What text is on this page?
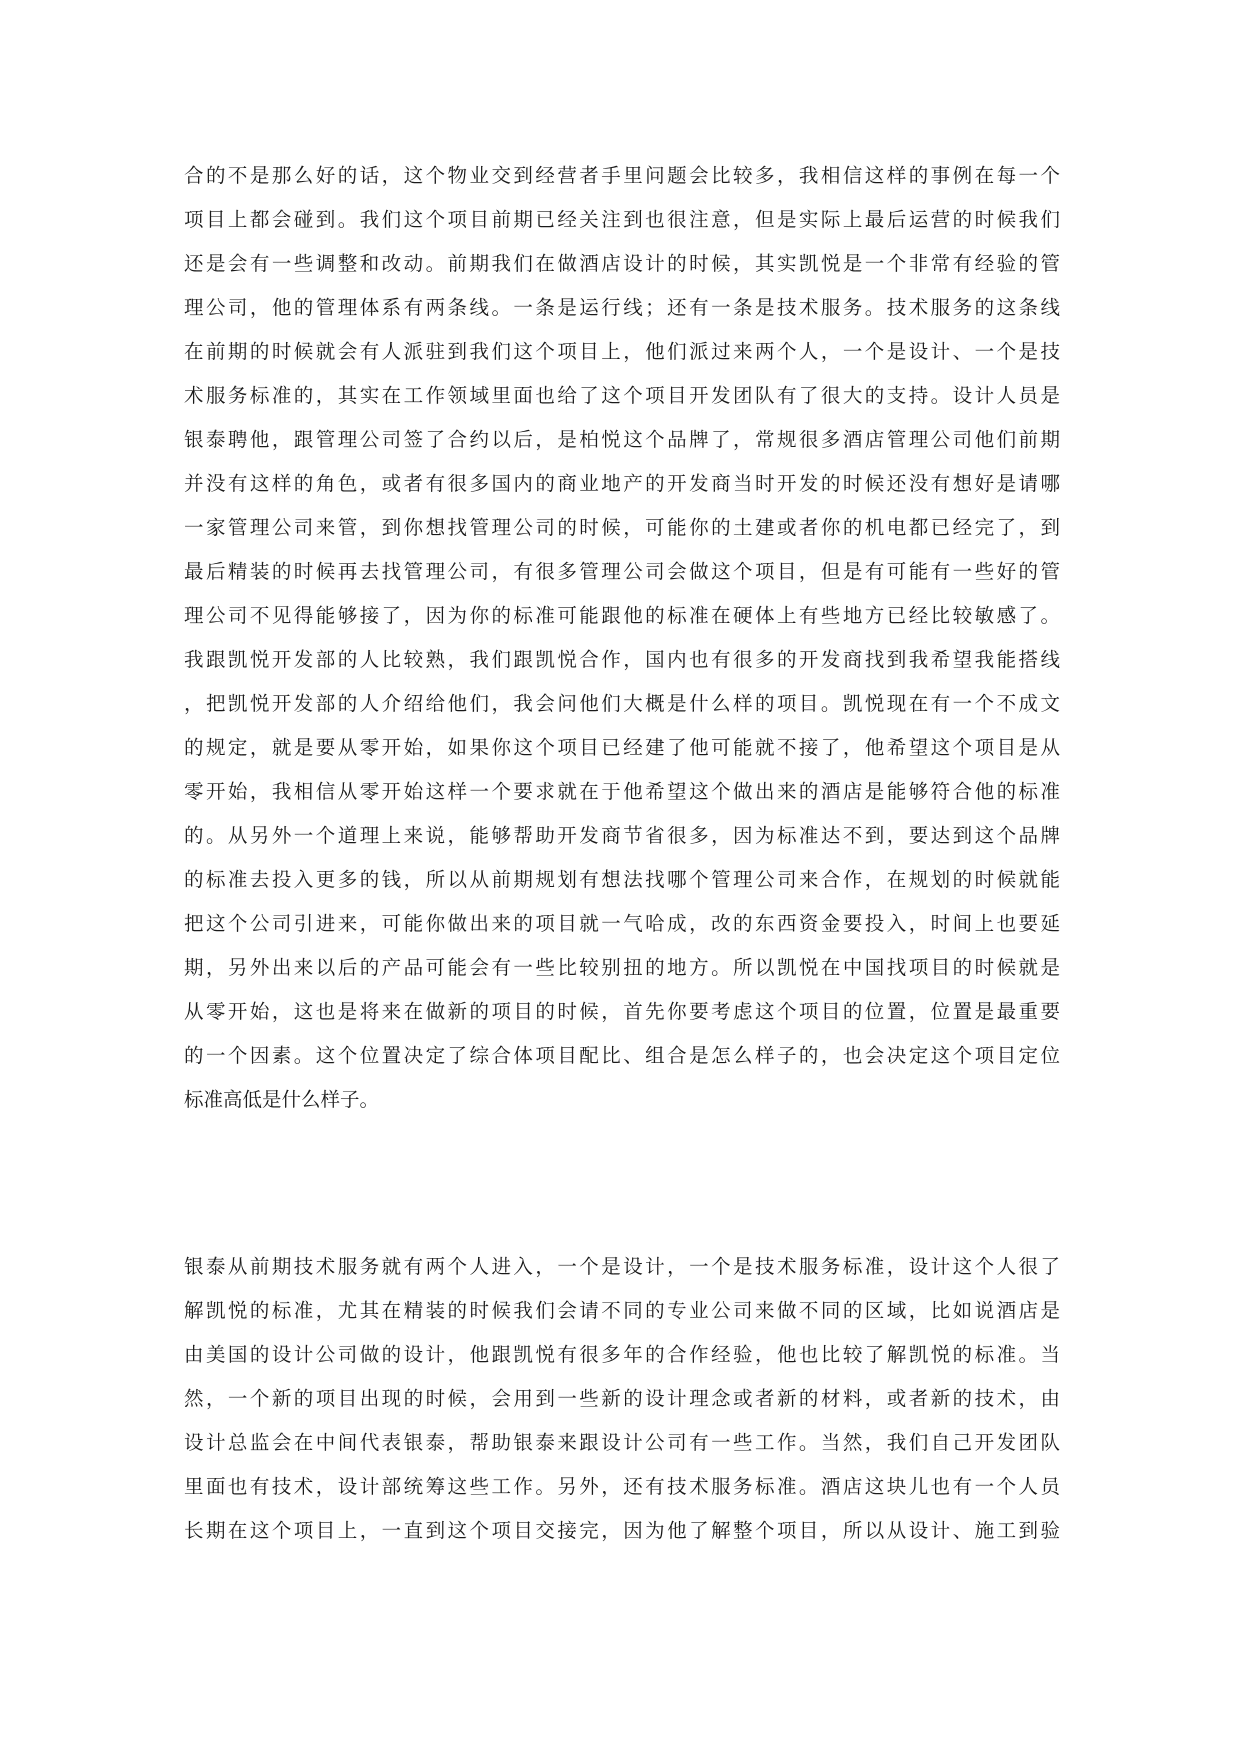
合的不是那么好的话，这个物业交到经营者手里问题会比较多，我相信这样的事例在每一个
项目上都会碰到。我们这个项目前期已经关注到也很注意，但是实际上最后运营的时候我们
还是会有一些调整和改动。前期我们在做酒店设计的时候，其实凯悦是一个非常有经验的管
理公司，他的管理体系有两条线。一条是运行线；还有一条是技术服务。技术服务的这条线
在前期的时候就会有人派驻到我们这个项目上，他们派过来两个人，一个是设计、一个是技
术服务标准的，其实在工作领域里面也给了这个项目开发团队有了很大的支持。设计人员是
银泰聘他，跟管理公司签了合约以后，是柏悦这个品牌了，常规很多酒店管理公司他们前期
并没有这样的角色，或者有很多国内的商业地产的开发商当时开发的时候还没有想好是请哪
一家管理公司来管，到你想找管理公司的时候，可能你的土建或者你的机电都已经完了，到
最后精装的时候再去找管理公司，有很多管理公司会做这个项目，但是有可能有一些好的管
理公司不见得能够接了，因为你的标准可能跟他的标准在硬体上有些地方已经比较敏感了。
我跟凯悦开发部的人比较熟，我们跟凯悦合作，国内也有很多的开发商找到我希望我能搭线
，把凯悦开发部的人介绍给他们，我会问他们大概是什么样的项目。凯悦现在有一个不成文
的规定，就是要从零开始，如果你这个项目已经建了他可能就不接了，他希望这个项目是从
零开始，我相信从零开始这样一个要求就在于他希望这个做出来的酒店是能够符合他的标准
的。从另外一个道理上来说，能够帮助开发商节省很多，因为标准达不到，要达到这个品牌
的标准去投入更多的钱，所以从前期规划有想法找哪个管理公司来合作，在规划的时候就能
把这个公司引进来，可能你做出来的项目就一气哈成，改的东西资金要投入，时间上也要延
期，另外出来以后的产品可能会有一些比较别扭的地方。所以凯悦在中国找项目的时候就是
从零开始，这也是将来在做新的项目的时候，首先你要考虑这个项目的位置，位置是最重要
的一个因素。这个位置决定了综合体项目配比、组合是怎么样子的，也会决定这个项目定位
标准高低是什么样子。
银泰从前期技术服务就有两个人进入，一个是设计，一个是技术服务标准，设计这个人很了
解凯悦的标准，尤其在精装的时候我们会请不同的专业公司来做不同的区域，比如说酒店是
由美国的设计公司做的设计，他跟凯悦有很多年的合作经验，他也比较了解凯悦的标准。当
然，一个新的项目出现的时候，会用到一些新的设计理念或者新的材料，或者新的技术，由
设计总监会在中间代表银泰，帮助银泰来跟设计公司有一些工作。当然，我们自己开发团队
里面也有技术，设计部统筹这些工作。另外，还有技术服务标准。酒店这块儿也有一个人员
长期在这个项目上，一直到这个项目交接完，因为他了解整个项目，所以从设计、施工到验
